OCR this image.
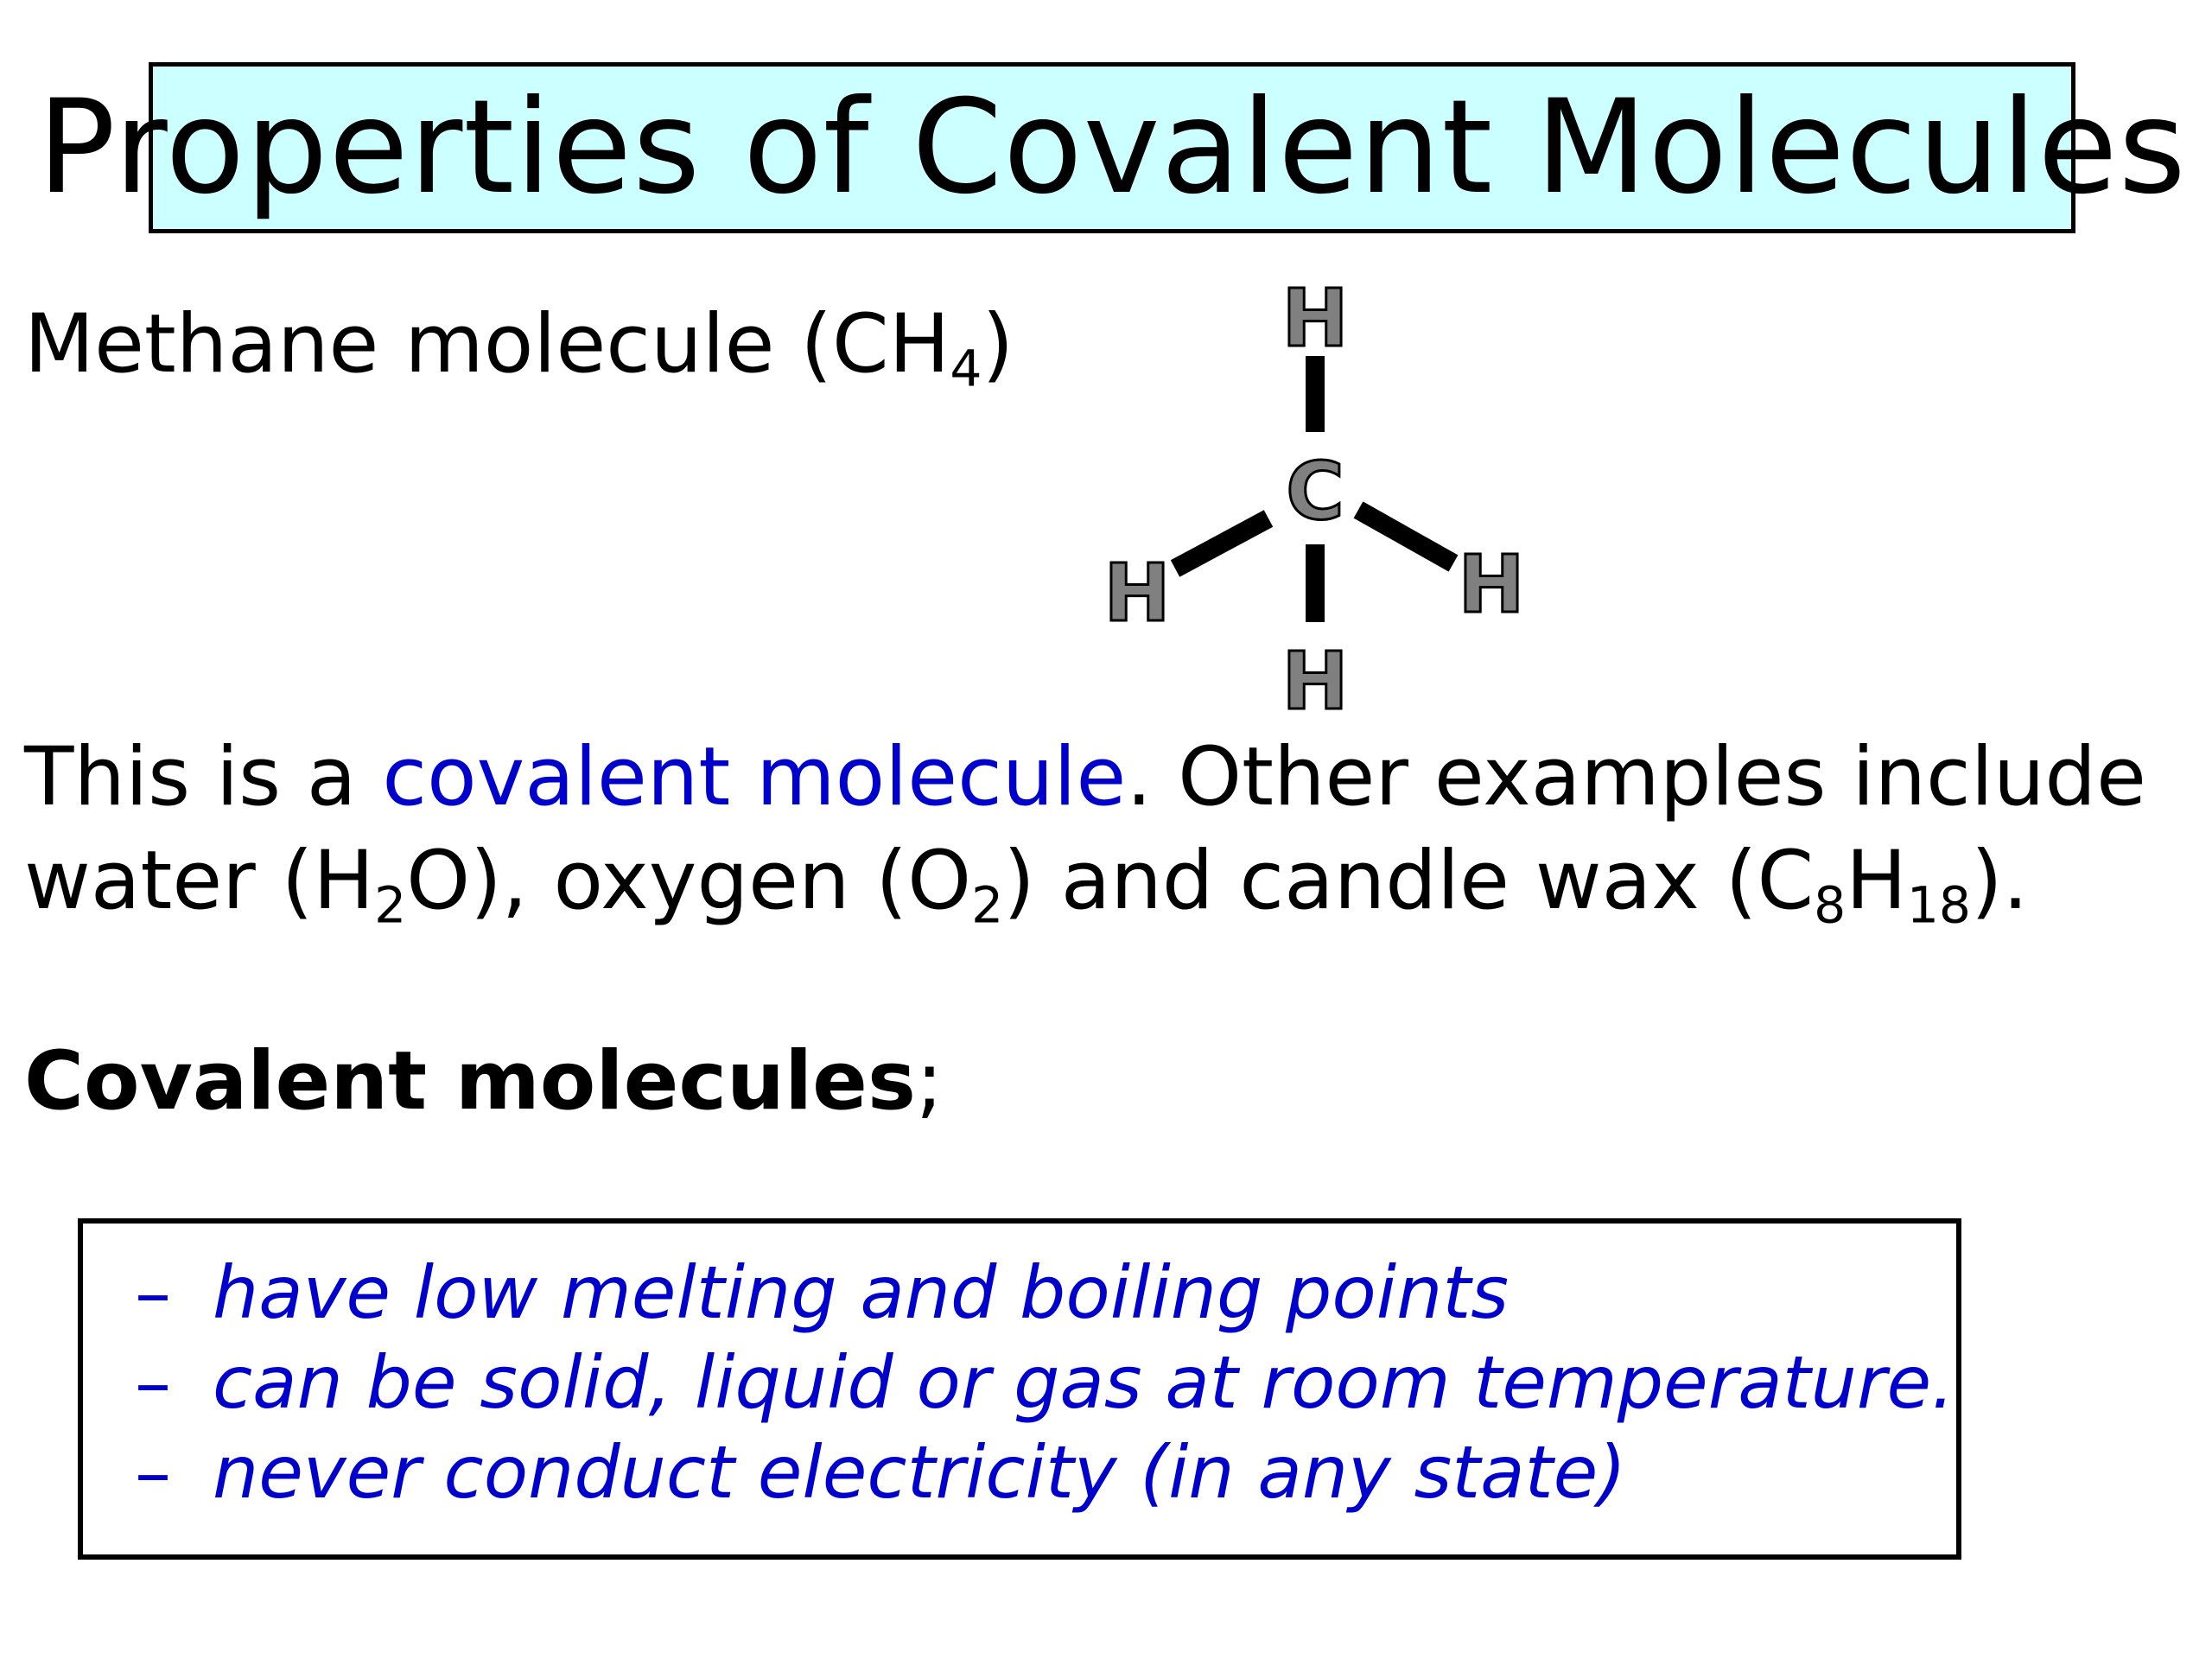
Properties of Covalent Molecules
Methane molecule $(CH_4)$	H
C
H	H
H
This is a covalent molecule. Other examples include
water $(H_2O)$, oxygen $(O_2)$ and candle wax $(C_8H_{18})$.
Covalent molecules;
– have low melting and boiling points
– can be solid, liquid or gas at room temperature.
– never conduct electricity (in any state)
